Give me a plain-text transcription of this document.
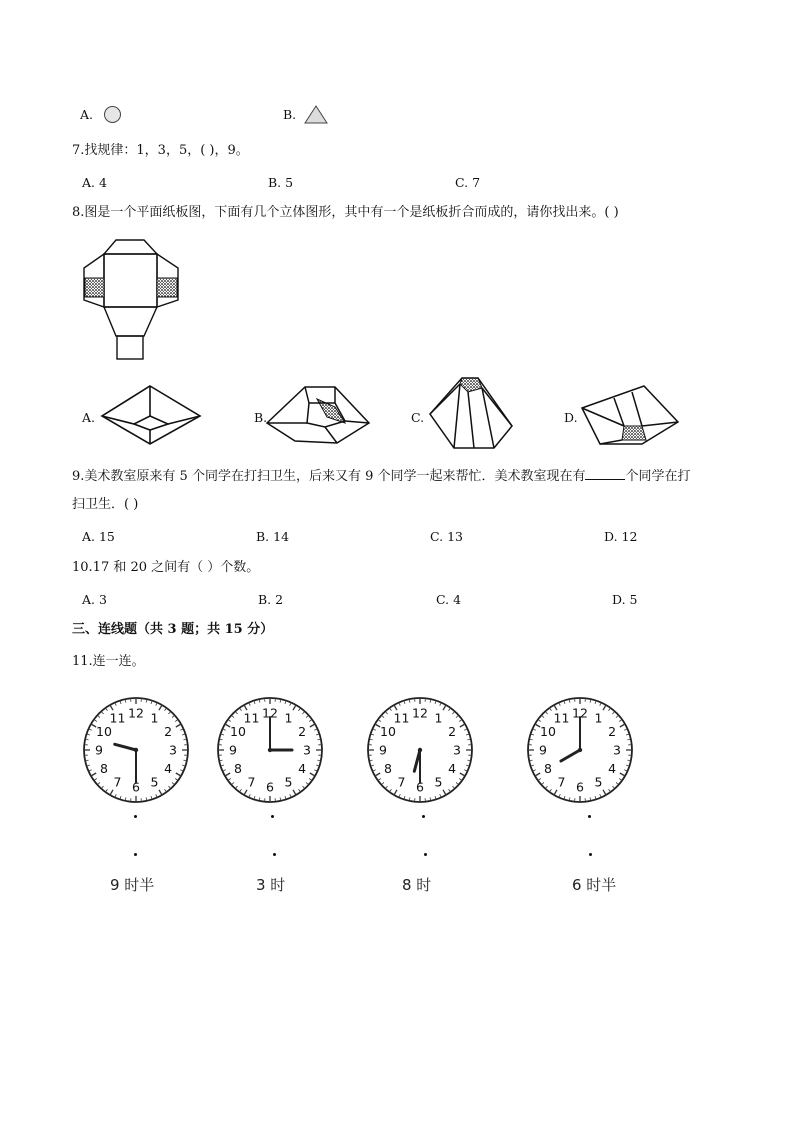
A.	B.
7.找规律：1，3，5，( )，9。
A. 4	B. 5	C. 7
8.图是一个平面纸板图，下面有几个立体图形，其中有一个是纸板折合而成的，请你找出来。( )
A.	B.	C.	D.
9.美术教室原来有 5 个同学在打扫卫生，后来又有 9 个同学一起来帮忙．美术教室现在有	个同学在打
扫卫生．( )
A. 15	B. 14	C. 13	D. 12
10.17 和 20 之间有（ ）个数。
A. 3	B. 2	C. 4	D. 5
三、连线题（共 3 题；共 15 分）
11.连一连。
1
2
3
4
5
6
7
8
9
10
11 12	1
2
3
4
5
6
7
8
9
10
11 12	1
2
3
4
5
6
7
8
9
10
11 12	1
2
3
4
5
6
7
8
9
10
11 12
9 时半	3 时	8 时	6 时半
